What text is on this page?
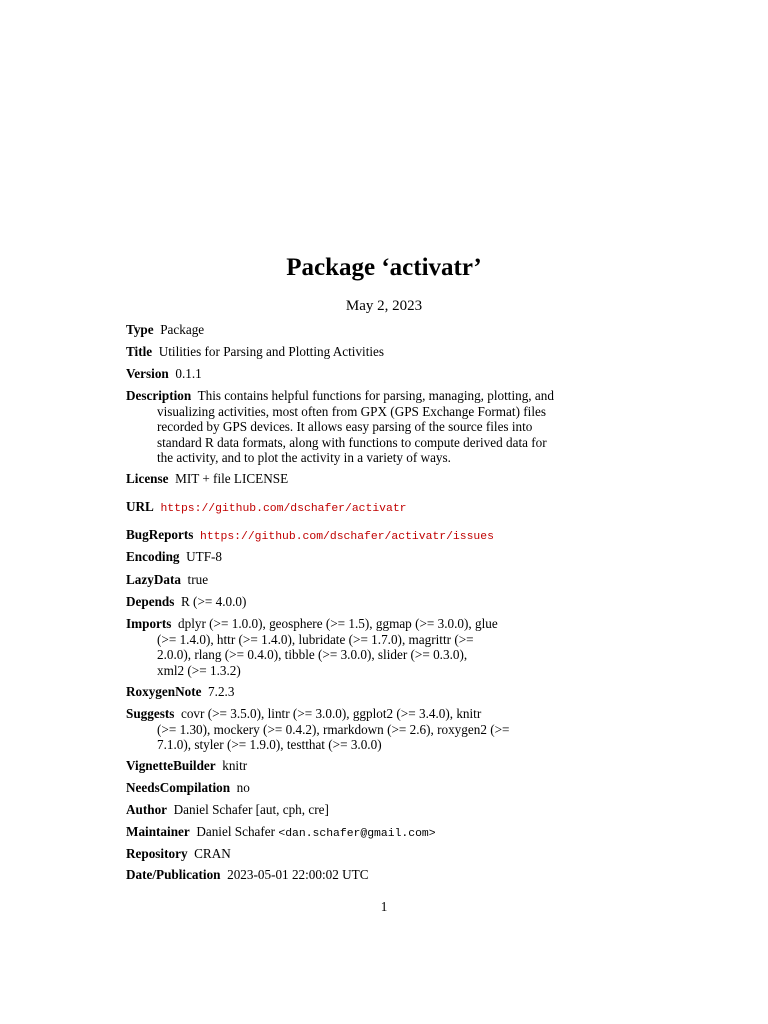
Package ‘activatr’
May 2, 2023
Type Package
Title Utilities for Parsing and Plotting Activities
Version 0.1.1
Description This contains helpful functions for parsing, managing, plotting, and
visualizing activities, most often from GPX (GPS Exchange Format) files
recorded by GPS devices. It allows easy parsing of the source files into
standard R data formats, along with functions to compute derived data for
the activity, and to plot the activity in a variety of ways.
License MIT + file LICENSE
URL https://github.com/dschafer/activatr
BugReports https://github.com/dschafer/activatr/issues
Encoding UTF-8
LazyData true
Depends R (>= 4.0.0)
Imports dplyr (>= 1.0.0), geosphere (>= 1.5), ggmap (>= 3.0.0), glue
(>= 1.4.0), httr (>= 1.4.0), lubridate (>= 1.7.0), magrittr (>=
2.0.0), rlang (>= 0.4.0), tibble (>= 3.0.0), slider (>= 0.3.0),
xml2 (>= 1.3.2)
RoxygenNote 7.2.3
Suggests covr (>= 3.5.0), lintr (>= 3.0.0), ggplot2 (>= 3.4.0), knitr
(>= 1.30), mockery (>= 0.4.2), rmarkdown (>= 2.6), roxygen2 (>=
7.1.0), styler (>= 1.9.0), testthat (>= 3.0.0)
VignetteBuilder knitr
NeedsCompilation no
Author Daniel Schafer [aut, cph, cre]
Maintainer Daniel Schafer <dan.schafer@gmail.com>
Repository CRAN
Date/Publication 2023-05-01 22:00:02 UTC
1
